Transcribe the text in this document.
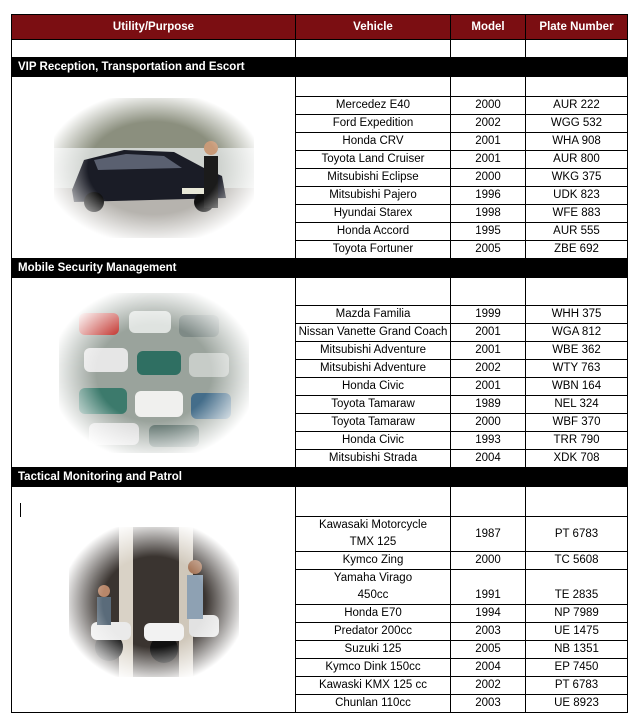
Utility/Purpose	Vehicle	Model	Plate Number

VIP Reception, Transportation and Escort			

	Mercedez E40	2000	AUR 222
	Ford Expedition	2002	WGG 532
	Honda CRV	2001	WHA 908
	Toyota Land Cruiser	2001	AUR 800
	Mitsubishi Eclipse	2000	WKG 375
	Mitsubishi Pajero	1996	UDK 823
	Hyundai Starex	1998	WFE 883
	Honda Accord	1995	AUR 555
	Toyota Fortuner	2005	ZBE 692
Mobile Security Management			

	Mazda Familia	1999	WHH 375
	Nissan Vanette Grand Coach	2001	WGA 812
	Mitsubishi Adventure	2001	WBE 362
	Mitsubishi Adventure	2002	WTY 763
	Honda Civic	2001	WBN 164
	Toyota Tamaraw	1989	NEL 324
	Toyota Tamaraw	2000	WBF 370
	Honda Civic	1993	TRR 790
	Mitsubishi Strada	2004	XDK 708
Tactical Monitoring and Patrol			

	Kawasaki Motorcycle TMX 125	1987	PT 6783
	Kymco Zing	2000	TC 5608
	Yamaha Virago 450cc	1991	TE 2835
	Honda E70	1994	NP 7989
	Predator 200cc	2003	UE 1475
	Suzuki 125	2005	NB 1351
	Kymco Dink 150cc	2004	EP 7450
	Kawaski KMX 125 cc	2002	PT 6783
	Chunlan 110cc	2003	UE 8923
